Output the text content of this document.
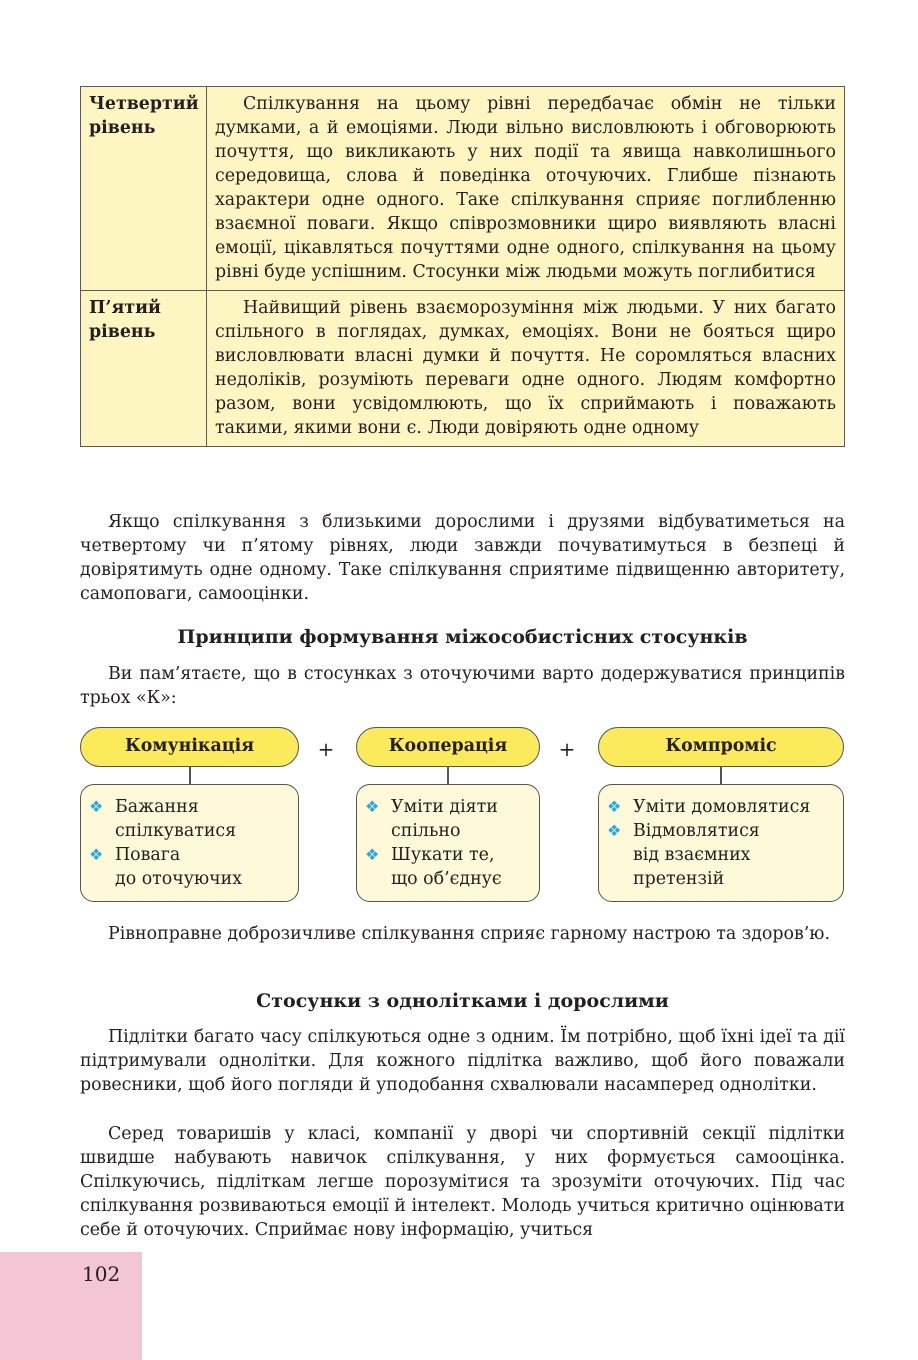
Четвертий рівень	Спілкування на цьому рівні передбачає обмін не тільки думками, а й емоціями. Люди вільно висловлюють і обговорюють почуття, що викликають у них події та явища навколишнього середовища, слова й поведінка оточуючих. Глибше пізнають характери одне одного. Таке спілкування сприяє поглибленню взаємної поваги. Якщо співрозмовники щиро виявляють власні емоції, цікавляться почуттями одне одного, спілкування на цьому рівні буде успішним. Стосунки між людьми можуть поглибитися
П’ятий рівень	Найвищий рівень взаєморозуміння між людьми. У них багато спільного в поглядах, думках, емоціях. Вони не бояться щиро висловлювати власні думки й почуття. Не соромляться власних недоліків, розуміють переваги одне одного. Людям комфортно разом, вони усвідомлюють, що їх сприймають і поважають такими, якими вони є. Люди довіряють одне одному

Якщо спілкування з близькими дорослими і друзями відбуватиметься на четвертому чи п’ятому рівнях, люди завжди почуватимуться в безпеці й довірятимуть одне одному. Таке спілкування сприятиме підвищенню авторитету, самоповаги, самооцінки.

Принципи формування міжособистісних стосунків

Ви пам’ятаєте, що в стосунках з оточуючими варто додержуватися принципів трьох «К»:

Комунікація	+	Кооперація	+	Компроміс
❖ Бажання
спілкуватися
❖ Повага
до оточуючих
❖ Уміти діяти
спільно
❖ Шукати те,
що об’єднує
❖ Уміти домовлятися
❖ Відмовлятися
від взаємних
претензій

Рівноправне доброзичливе спілкування сприяє гарному настрою та здоров’ю.

Стосунки з однолітками і дорослими

Підлітки багато часу спілкуються одне з одним. Їм потрібно, щоб їхні ідеї та дії підтримували однолітки. Для кожного підлітка важливо, щоб його поважали ровесники, щоб його погляди й уподобання схвалювали насамперед однолітки.

Серед товаришів у класі, компанії у дворі чи спортивній секції підлітки швидше набувають навичок спілкування, у них формується самооцінка. Спілкуючись, підліткам легше порозумітися та зрозуміти оточуючих. Під час спілкування розвиваються емоції й інтелект. Молодь учиться критично оцінювати себе й оточуючих. Сприймає нову інформацію, учиться

102
